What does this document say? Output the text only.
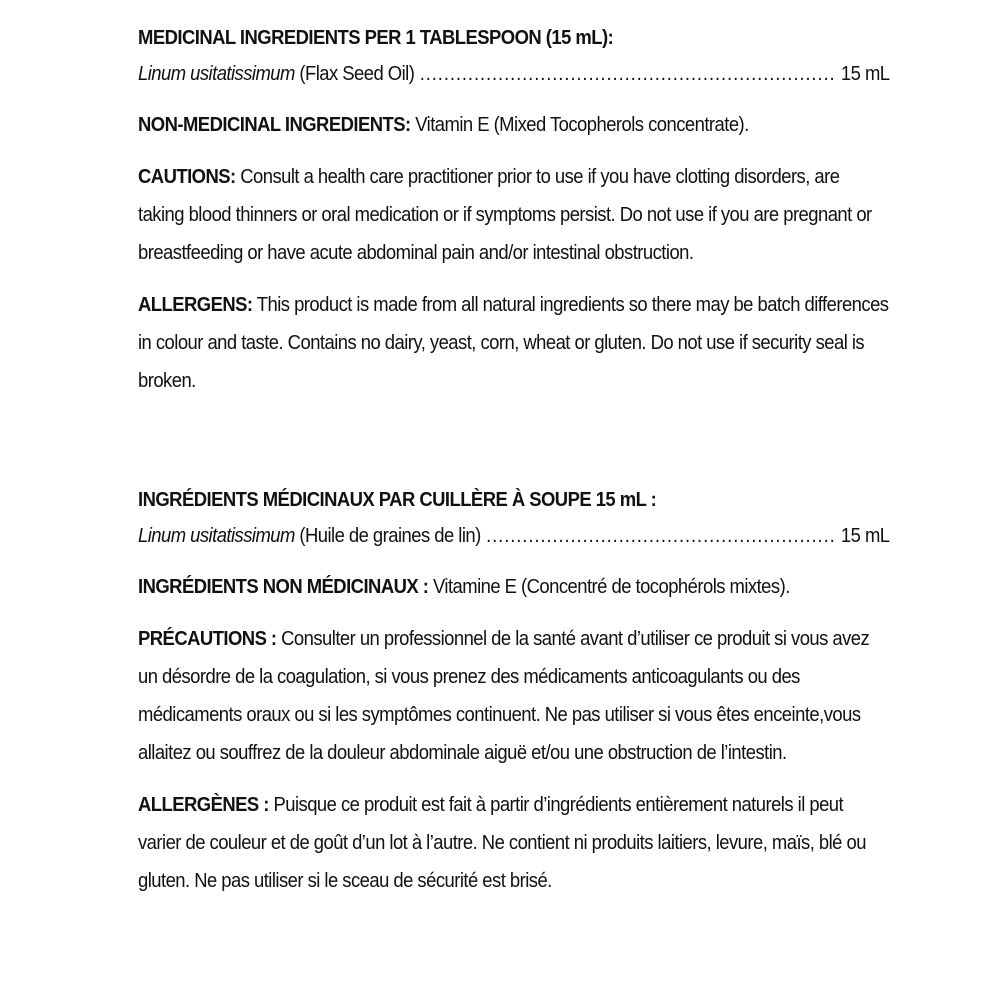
MEDICINAL INGREDIENTS PER 1 TABLESPOON (15 mL):

Linum usitatissimum (Flax Seed Oil) .....	15 mL

NON-MEDICINAL INGREDIENTS: Vitamin E (Mixed Tocopherols concentrate).

CAUTIONS: Consult a health care practitioner prior to use if you have clotting disorders, are taking blood thinners or oral medication or if symptoms persist. Do not use if you are pregnant or breastfeeding or have acute abdominal pain and/or intestinal obstruction.

ALLERGENS: This product is made from all natural ingredients so there may be batch differences in colour and taste. Contains no dairy, yeast, corn, wheat or gluten. Do not use if security seal is broken.

INGRÉDIENTS MÉDICINAUX PAR CUILLÈRE À SOUPE 15 mL :

Linum usitatissimum (Huile de graines de lin) .....	15 mL

INGRÉDIENTS NON MÉDICINAUX : Vitamine E (Concentré de tocophérols mixtes).

PRÉCAUTIONS : Consulter un professionnel de la santé avant d’utiliser ce produit si vous avez un désordre de la coagulation, si vous prenez des médicaments anticoagulants ou des médicaments oraux ou si les symptômes continuent. Ne pas utiliser si vous êtes enceinte,vous allaitez ou souffrez de la douleur abdominale aiguë et/ou une obstruction de l’intestin.

ALLERGÈNES : Puisque ce produit est fait à partir d’ingrédients entièrement naturels il peut varier de couleur et de goût d’un lot à l’autre. Ne contient ni produits laitiers, levure, maïs, blé ou gluten. Ne pas utiliser si le sceau de sécurité est brisé.
